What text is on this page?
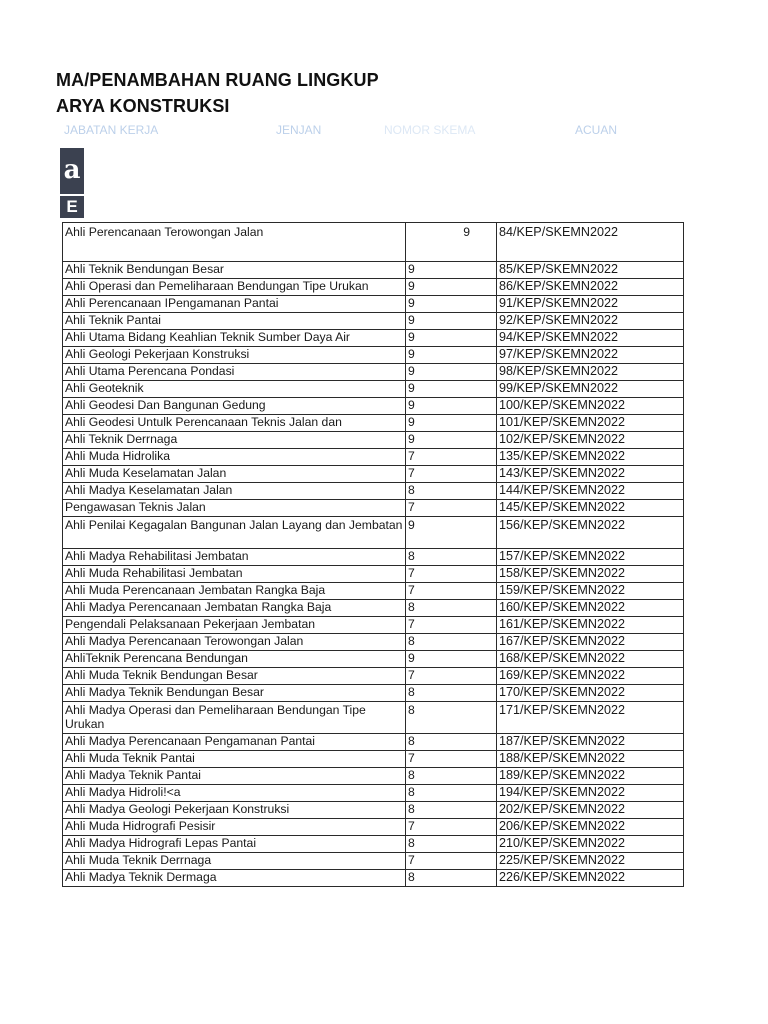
MA/PENAMBAHAN RUANG LINGKUP
ARYA KONSTRUKSI
JABATAN KERJA	JENJAN	NOMOR SKEMA	ACUAN
a
E
Ahli Perencanaan Terowongan Jalan	9	84/KEP/SKEMN2022
Ahli Teknik Bendungan Besar	9	85/KEP/SKEMN2022
Ahli Operasi dan Pemeliharaan Bendungan Tipe Urukan	9	86/KEP/SKEMN2022
Ahli Perencanaan IPengamanan Pantai	9	91/KEP/SKEMN2022
Ahli Teknik Pantai	9	92/KEP/SKEMN2022
Ahli Utama Bidang Keahlian Teknik Sumber Daya Air	9	94/KEP/SKEMN2022
Ahli Geologi Pekerjaan Konstruksi	9	97/KEP/SKEMN2022
Ahli Utama Perencana Pondasi	9	98/KEP/SKEMN2022
Ahli Geoteknik	9	99/KEP/SKEMN2022
Ahli Geodesi Dan Bangunan Gedung	9	100/KEP/SKEMN2022
Ahli Geodesi Untulk Perencanaan Teknis Jalan dan	9	101/KEP/SKEMN2022
Ahli Teknik Derrnaga	9	102/KEP/SKEMN2022
Ahli Muda Hidrolika	7	135/KEP/SKEMN2022
Ahli Muda Keselamatan Jalan	7	143/KEP/SKEMN2022
Ahli Madya Keselamatan Jalan	8	144/KEP/SKEMN2022
Pengawasan Teknis Jalan	7	145/KEP/SKEMN2022
Ahli Penilai Kegagalan Bangunan Jalan Layang dan Jembatan	9	156/KEP/SKEMN2022
Ahli Madya Rehabilitasi Jembatan	8	157/KEP/SKEMN2022
Ahli Muda Rehabilitasi Jembatan	7	158/KEP/SKEMN2022
Ahli Muda Perencanaan Jembatan Rangka Baja	7	159/KEP/SKEMN2022
Ahli Madya Perencanaan Jembatan Rangka Baja	8	160/KEP/SKEMN2022
Pengendali Pelaksanaan Pekerjaan Jembatan	7	161/KEP/SKEMN2022
Ahli Madya Perencanaan Terowongan Jalan	8	167/KEP/SKEMN2022
AhliTeknik Perencana Bendungan	9	168/KEP/SKEMN2022
Ahli Muda Teknik Bendungan Besar	7	169/KEP/SKEMN2022
Ahli Madya Teknik Bendungan Besar	8	170/KEP/SKEMN2022
Ahli Madya Operasi dan Pemeliharaan Bendungan Tipe Urukan	8	171/KEP/SKEMN2022
Ahli Madya Perencanaan Pengamanan Pantai	8	187/KEP/SKEMN2022
Ahli Muda Teknik Pantai	7	188/KEP/SKEMN2022
Ahli Madya Teknik Pantai	8	189/KEP/SKEMN2022
Ahli Madya Hidroli!<a	8	194/KEP/SKEMN2022
Ahli Madya Geologi Pekerjaan Konstruksi	8	202/KEP/SKEMN2022
Ahli Muda Hidrografi Pesisir	7	206/KEP/SKEMN2022
Ahli Madya Hidrografi Lepas Pantai	8	210/KEP/SKEMN2022
Ahli Muda Teknik Derrnaga	7	225/KEP/SKEMN2022
Ahli Madya Teknik Dermaga	8	226/KEP/SKEMN2022
